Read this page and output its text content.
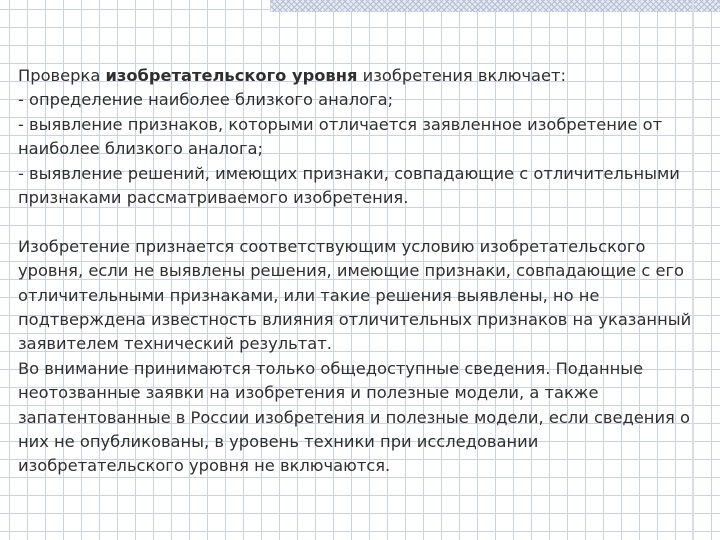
Проверка изобретательского уровня изобретения включает:

- определение наиболее близкого аналога;

- выявление признаков, которыми отличается заявленное изобретение от наиболее близкого аналога;

- выявление решений, имеющих признаки, совпадающие с отличительными признаками рассматриваемого изобретения.

Изобретение признается соответствующим условию изобретательского уровня, если не выявлены решения, имеющие признаки, совпадающие с его отличительными признаками, или такие решения выявлены, но не подтверждена известность влияния отличительных признаков на указанный заявителем технический результат.

Во внимание принимаются только общедоступные сведения. Поданные неотозванные заявки на изобретения и полезные модели, а также запатентованные в России изобретения и полезные модели, если сведения о них не опубликованы, в уровень техники при исследовании изобретательского уровня не включаются.
